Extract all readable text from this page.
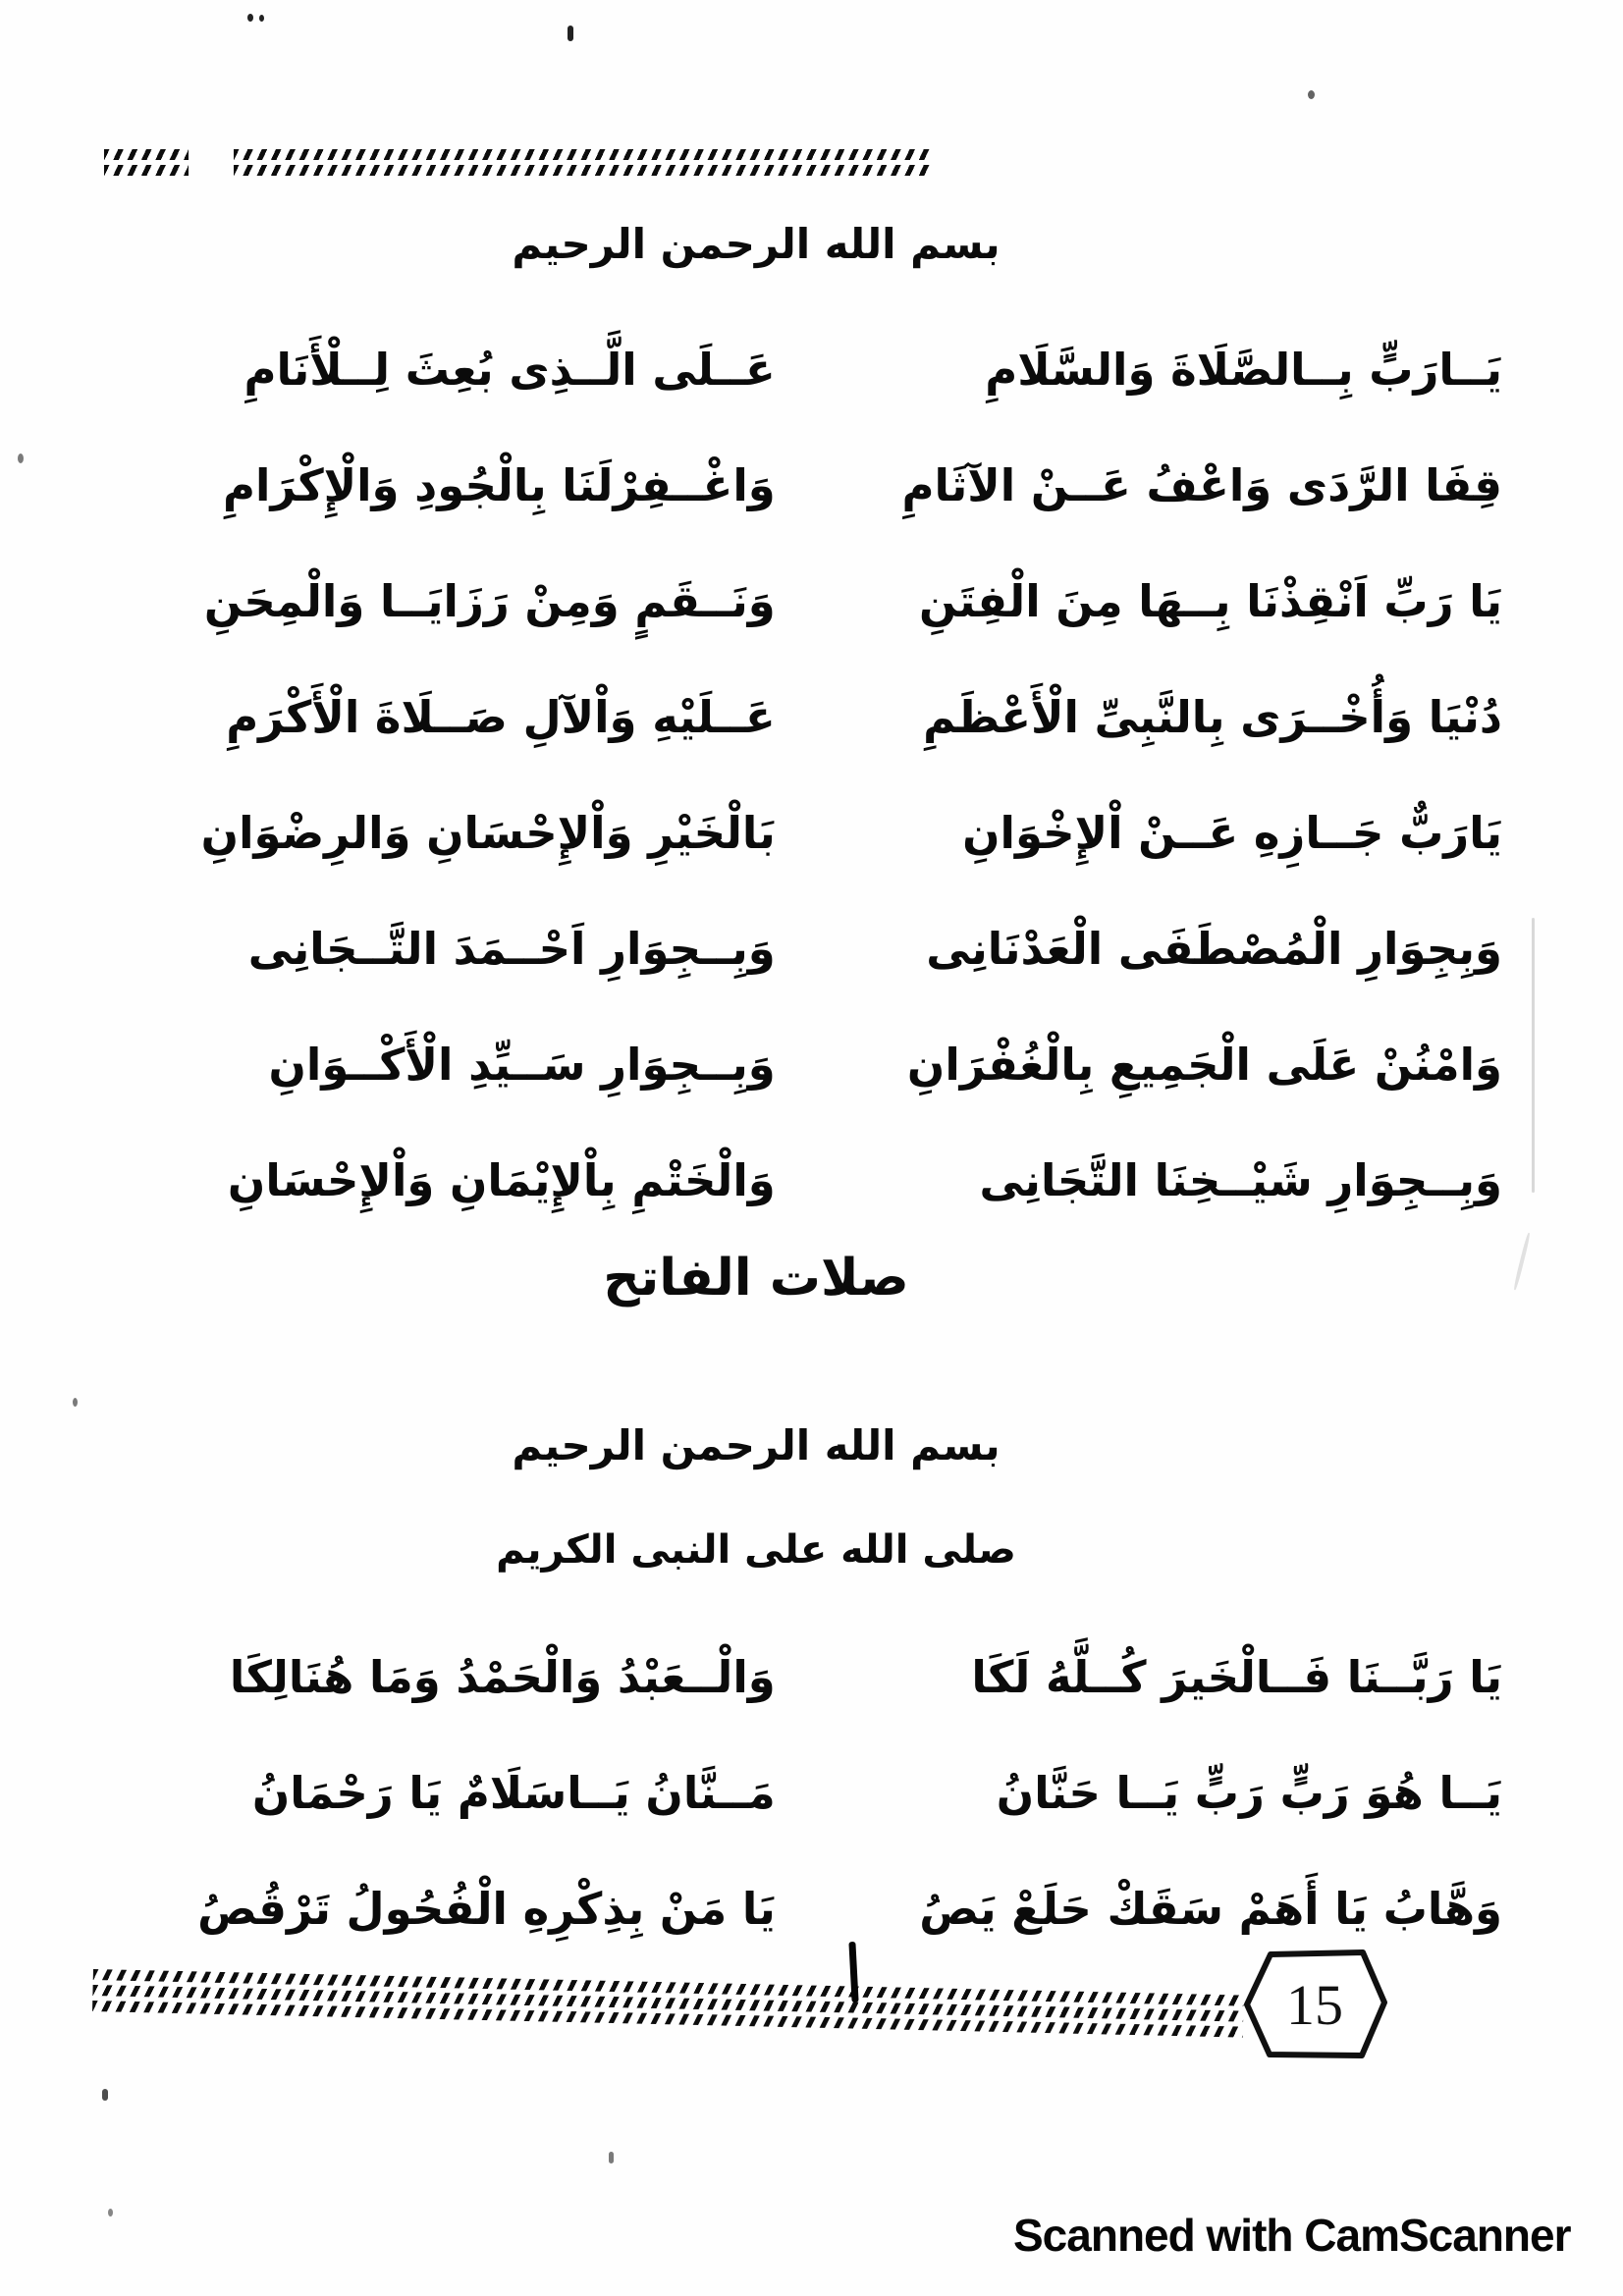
بسم الله الرحمن الرحيم
يَــارَبٍّ بِــالصَّلَاةَ وَالسَّلَامِ
عَــلَى الَّــذِى بُعِثَ لِــلْأَنَامِ
قِفَا الرَّدَى وَاعْفُ عَــنْ الآثَامِ
وَاغْــفِرْلَنَا بِالْجُودِ وَالْإِكْرَامِ
يَا رَبِّ اَنْقِذْنَا بِــهَا مِنَ الْفِتَنِ
وَنَــقَمٍ وَمِنْ رَزَايَــا وَالْمِحَنِ
دُنْيَا وَأُخْــرَى بِالنَّبِىِّ الْأَعْظَمِ
عَــلَيْهِ وَاْلآلِ صَــلَاةَ الْأَكْرَمِ
يَارَبٌّ جَــازِهِ عَــنْ اْلإِخْوَانِ
بَالْخَيْرِ وَاْلإِحْسَانِ وَالرِضْوَانِ
وَبِجِوَارِ الْمُصْطَفَى الْعَدْنَانِى
وَبِــجِوَارِ اَحْــمَدَ التَّــجَانِى
وَامْنُنْ عَلَى الْجَمِيعِ بِالْغُفْرَانِ
وَبِــجِوَارِ سَــيِّدِ الْأَكْــوَانِ
وَبِــجِوَارِ شَيْــخِنَا التَّجَانِى
وَالْخَتْمِ بِاْلإِيْمَانِ وَاْلإِحْسَانِ
صلات الفاتح
بسم الله الرحمن الرحيم
صلى الله على النبى الكريم
يَا رَبَّــنَا فَــالْخَيرَ كُــلَّهُ لَكَا
وَالْــعَبْدُ وَالْحَمْدُ وَمَا هُنَالِكَا
يَــا هُوَ رَبٍّ رَبٍّ يَــا حَنَّانُ
مَــنَّانُ يَــاسَلَامٌ يَا رَحْمَانُ
وَهَّابُ يَا أَهَمْ سَقَكْ حَلَعْ يَصُ
يَا مَنْ بِذِكْرِهِ الْفُحُولُ تَرْقُصُ
15
Scanned with CamScanner
